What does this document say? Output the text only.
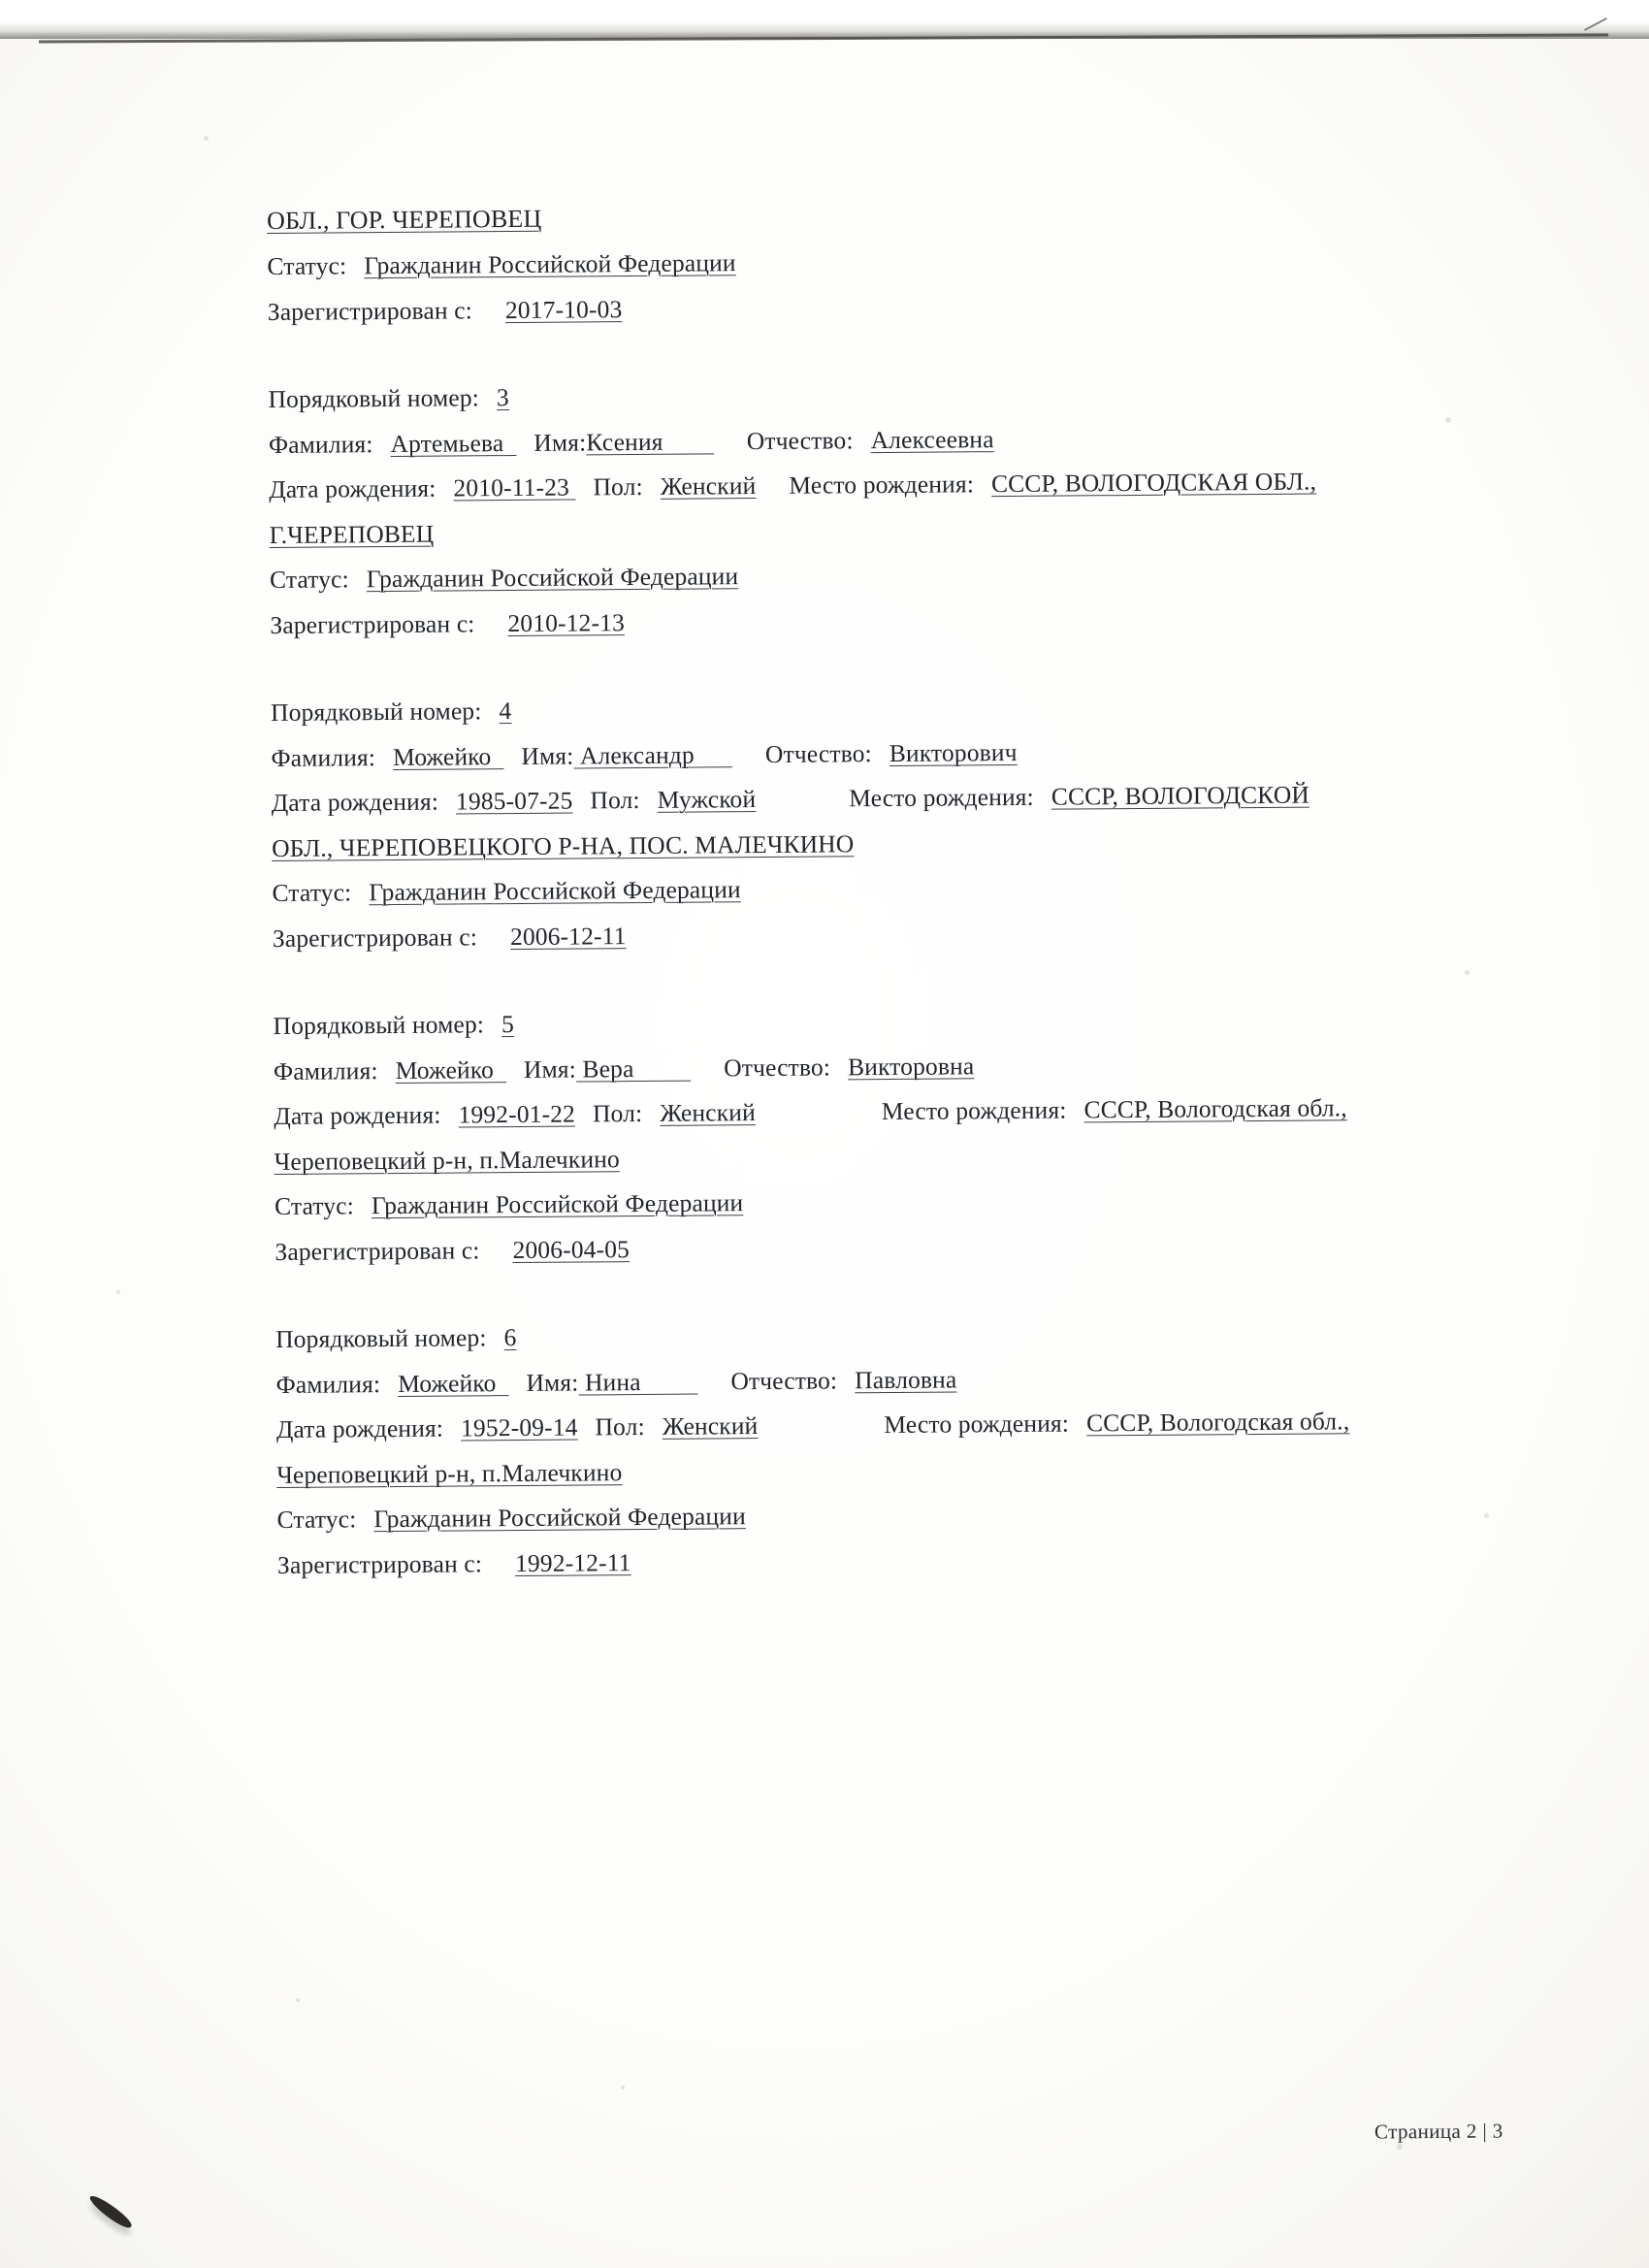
ОБЛ., ГОР. ЧЕРЕПОВЕЦ
Статус: Гражданин Российской Федерации
Зарегистрирован с: 2017-10-03
Порядковый номер: 3
Фамилия: Артемьева Имя:Ксения	Отчество: Алексеевна
Дата рождения: 2010-11-23 Пол: Женский Место рождения: СССР, ВОЛОГОДСКАЯ ОБЛ.,
Г.ЧЕРЕПОВЕЦ
Статус: Гражданин Российской Федерации
Зарегистрирован с: 2010-12-13
Порядковый номер: 4
Фамилия: Можейко Имя: Александр	Отчество: Викторович
Дата рождения: 1985-07-25 Пол: Мужской	Место рождения: СССР, ВОЛОГОДСКОЙ
ОБЛ., ЧЕРЕПОВЕЦКОГО Р-НА, ПОС. МАЛЕЧКИНО
Статус: Гражданин Российской Федерации
Зарегистрирован с: 2006-12-11
Порядковый номер: 5
Фамилия: Можейко Имя: Вера	Отчество: Викторовна
Дата рождения: 1992-01-22 Пол: Женский	Место рождения: СССР, Вологодская обл.,
Череповецкий р-н, п.Малечкино
Статус: Гражданин Российской Федерации
Зарегистрирован с: 2006-04-05
Порядковый номер: 6
Фамилия: Можейко Имя: Нина	Отчество: Павловна
Дата рождения: 1952-09-14 Пол: Женский	Место рождения: СССР, Вологодская обл.,
Череповецкий р-н, п.Малечкино
Статус: Гражданин Российской Федерации
Зарегистрирован с: 1992-12-11
Страница 2 | 3
